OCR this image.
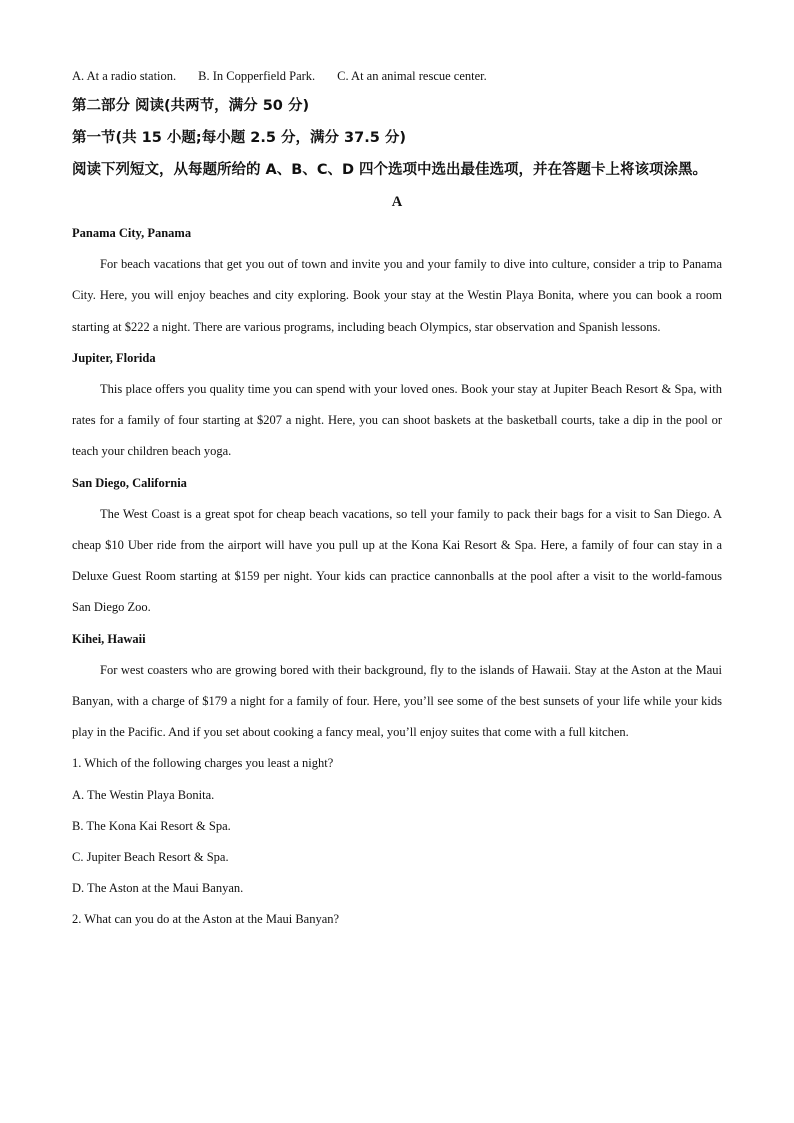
A. At a radio station. B. In Copperfield Park. C. At an animal rescue center.

第二部分 阅读(共两节，满分 50 分)

第一节(共 15 小题;每小题 2.5 分，满分 37.5 分)

阅读下列短文，从每题所给的 A、B、C、D 四个选项中选出最佳选项，并在答题卡上将该项涂黑。

A

Panama City, Panama

For beach vacations that get you out of town and invite you and your family to dive into culture, consider a trip to Panama City. Here, you will enjoy beaches and city exploring. Book your stay at the Westin Playa Bonita, where you can book a room starting at $222 a night. There are various programs, including beach Olympics, star observation and Spanish lessons.

Jupiter, Florida

This place offers you quality time you can spend with your loved ones. Book your stay at Jupiter Beach Resort & Spa, with rates for a family of four starting at $207 a night. Here, you can shoot baskets at the basketball courts, take a dip in the pool or teach your children beach yoga.

San Diego, California

The West Coast is a great spot for cheap beach vacations, so tell your family to pack their bags for a visit to San Diego. A cheap $10 Uber ride from the airport will have you pull up at the Kona Kai Resort & Spa. Here, a family of four can stay in a Deluxe Guest Room starting at $159 per night. Your kids can practice cannonballs at the pool after a visit to the world-famous San Diego Zoo.

Kihei, Hawaii

For west coasters who are growing bored with their background, fly to the islands of Hawaii. Stay at the Aston at the Maui Banyan, with a charge of $179 a night for a family of four. Here, you’ll see some of the best sunsets of your life while your kids play in the Pacific. And if you set about cooking a fancy meal, you’ll enjoy suites that come with a full kitchen.

1. Which of the following charges you least a night?

A. The Westin Playa Bonita.

B. The Kona Kai Resort & Spa.

C. Jupiter Beach Resort & Spa.

D. The Aston at the Maui Banyan.

2. What can you do at the Aston at the Maui Banyan?
